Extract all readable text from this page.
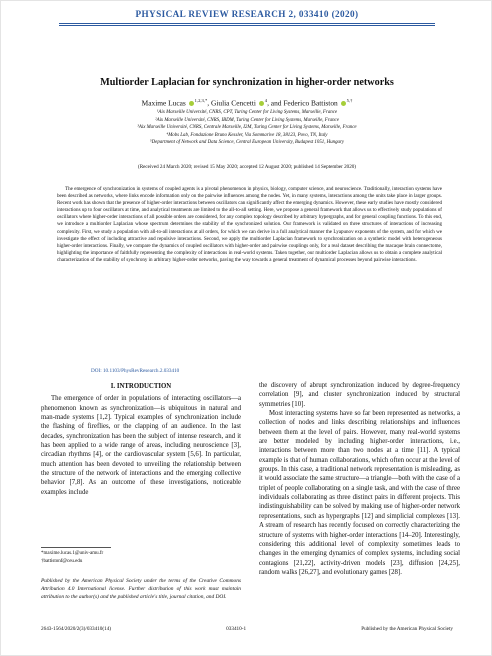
PHYSICAL REVIEW RESEARCH 2, 033410 (2020)
Multiorder Laplacian for synchronization in higher-order networks
Maxime Lucas $^{1,2,3,*}$, Giulia Cencetti $^4$, and Federico Battiston $^{5,\dagger}$
¹Aix Marseille Université, CNRS, CPT, Turing Center for Living Systems, Marseille, France
²Aix Marseille Université, CNRS, IBDM, Turing Center for Living Systems, Marseille, France
³Aix Marseille Université, CNRS, Centrale Marseille, I2M, Turing Center for Living Systems, Marseille, France
⁴Mobs Lab, Fondazione Bruno Kessler, Via Sommarive 18, 38123, Povo, TN, Italy
⁵Department of Network and Data Science, Central European University, Budapest 1051, Hungary
(Received 24 March 2020; revised 15 May 2020; accepted 12 August 2020; published 14 September 2020)
The emergence of synchronization in systems of coupled agents is a pivotal phenomenon in physics, biology, computer science, and neuroscience. Traditionally, interaction systems have been described as networks, where links encode information only on the pairwise influences among the nodes. Yet, in many systems, interactions among the units take place in larger groups. Recent work has shown that the presence of higher-order interactions between oscillators can significantly affect the emerging dynamics. However, these early studies have mostly considered interactions up to four oscillators at time, and analytical treatments are limited to the all-to-all setting. Here, we propose a general framework that allows us to effectively study populations of oscillators where higher-order interactions of all possible orders are considered, for any complex topology described by arbitrary hypergraphs, and for general coupling functions. To this end, we introduce a multiorder Laplacian whose spectrum determines the stability of the synchronized solution. Our framework is validated on three structures of interactions of increasing complexity. First, we study a population with all-to-all interactions at all orders, for which we can derive in a full analytical manner the Lyapunov exponents of the system, and for which we investigate the effect of including attractive and repulsive interactions. Second, we apply the multiorder Laplacian framework to synchronization on a synthetic model with heterogeneous higher-order interactions. Finally, we compare the dynamics of coupled oscillators with higher-order and pairwise couplings only, for a real dataset describing the macaque brain connectome, highlighting the importance of faithfully representing the complexity of interactions in real-world systems. Taken together, our multiorder Laplacian allows us to obtain a complete analytical characterization of the stability of synchrony in arbitrary higher-order networks, paving the way towards a general treatment of dynamical processes beyond pairwise interactions.
DOI: 10.1103/PhysRevResearch.2.033410
I. INTRODUCTION
The emergence of order in populations of interacting oscillators—a phenomenon known as synchronization—is ubiquitous in natural and man-made systems [1,2]. Typical examples of synchronization include the flashing of fireflies, or the clapping of an audience. In the last decades, synchronization has been the subject of intense research, and it has been applied to a wide range of areas, including neuroscience [3], circadian rhythms [4], or the cardiovascular system [5,6]. In particular, much attention has been devoted to unveiling the relationship between the structure of the network of interactions and the emerging collective behavior [7,8]. As an outcome of these investigations, noticeable examples include
the discovery of abrupt synchronization induced by degree-frequency correlation [9], and cluster synchronization induced by structural symmetries [10].
Most interacting systems have so far been represented as networks, a collection of nodes and links describing relationships and influences between them at the level of pairs. However, many real-world systems are better modeled by including higher-order interactions, i.e., interactions between more than two nodes at a time [11]. A typical example is that of human collaborations, which often occur at the level of groups. In this case, a traditional network representation is misleading, as it would associate the same structure—a triangle—both with the case of a triplet of people collaborating on a single task, and with the case of three individuals collaborating as three distinct pairs in different projects. This indistinguishability can be solved by making use of higher-order network representations, such as hypergraphs [12] and simplicial complexes [13]. A stream of research has recently focused on correctly characterizing the structure of systems with higher-order interactions [14–20]. Interestingly, considering this additional level of complexity sometimes leads to changes in the emerging dynamics of complex systems, including social contagions [21,22], activity-driven models [23], diffusion [24,25], random walks [26,27], and evolutionary games [28].
*maxime.lucas.1@univ-amu.fr
†battistonf@ceu.edu
Published by the American Physical Society under the terms of the Creative Commons Attribution 4.0 International license. Further distribution of this work must maintain attribution to the author(s) and the published article's title, journal citation, and DOI.
2643-1564/2020/2(3)/033410(14)	033410-1	Published by the American Physical Society
